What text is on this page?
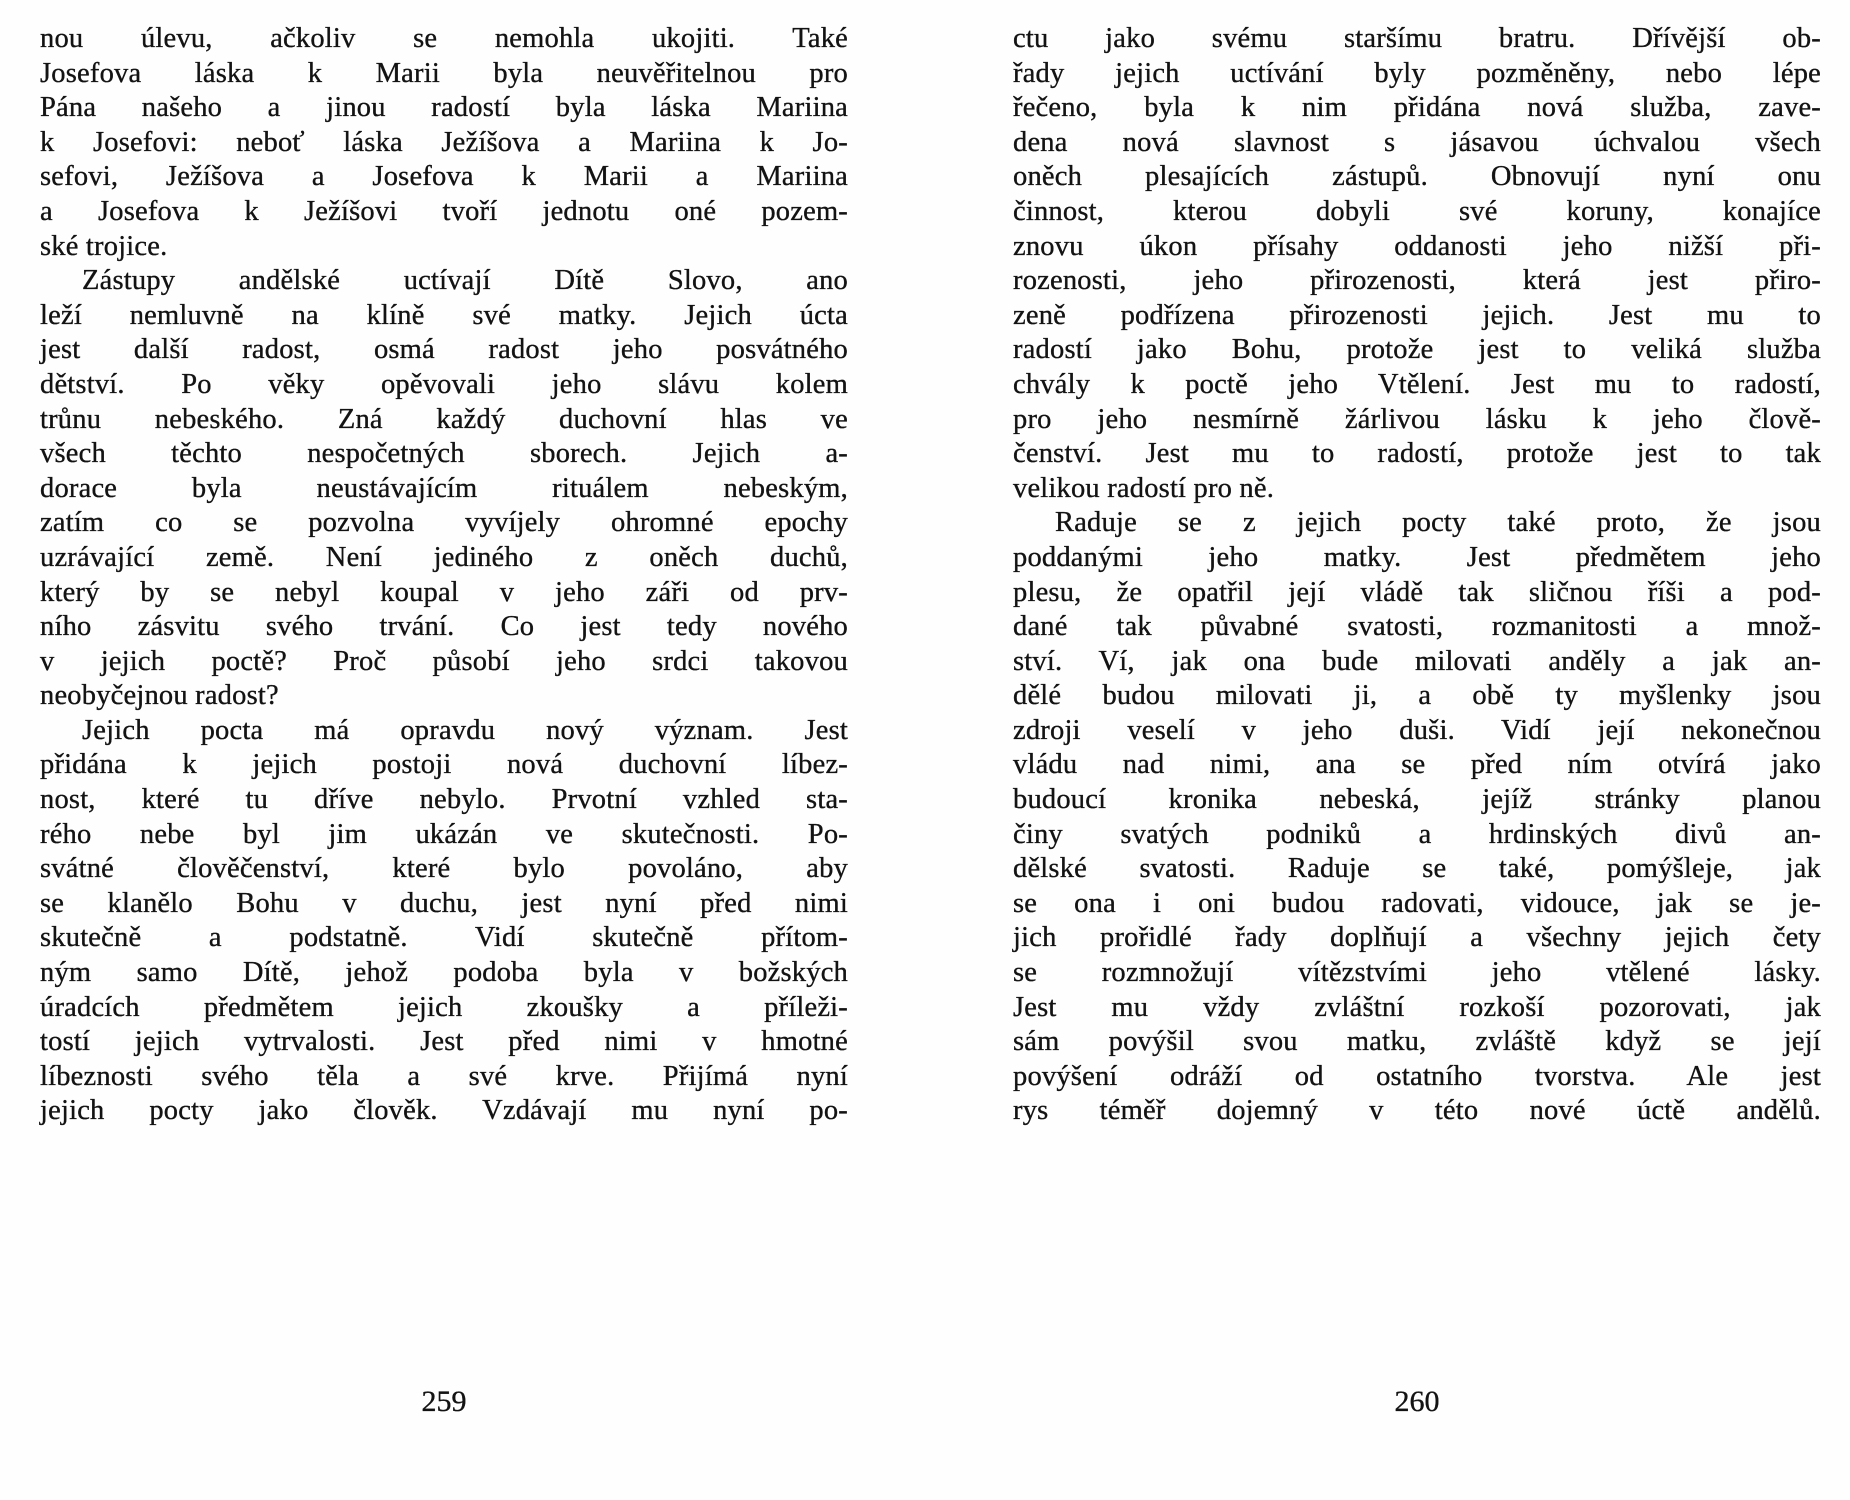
nou úlevu, ačkoliv se nemohla ukojiti. Také
Josefova láska k Marii byla neuvěřitelnou pro
Pána našeho a jinou radostí byla láska Mariina
k Josefovi: neboť láska Ježíšova a Mariina k Jo-
sefovi, Ježíšova a Josefova k Marii a Mariina
a Josefova k Ježíšovi tvoří jednotu oné pozem-
ské trojice.
Zástupy andělské uctívají Dítě Slovo, ano
leží nemluvně na klíně své matky. Jejich úcta
jest další radost, osmá radost jeho posvátného
dětství. Po věky opěvovali jeho slávu kolem
trůnu nebeského. Zná každý duchovní hlas ve
všech těchto nespočetných sborech. Jejich a-
dorace byla neustávajícím rituálem nebeským,
zatím co se pozvolna vyvíjely ohromné epochy
uzrávající země. Není jediného z oněch duchů,
který by se nebyl koupal v jeho záři od prv-
ního zásvitu svého trvání. Co jest tedy nového
v jejich poctě? Proč působí jeho srdci takovou
neobyčejnou radost?
Jejich pocta má opravdu nový význam. Jest
přidána k jejich postoji nová duchovní líbez-
nost, které tu dříve nebylo. Prvotní vzhled sta-
rého nebe byl jim ukázán ve skutečnosti. Po-
svátné člověčenství, které bylo povoláno, aby
se klanělo Bohu v duchu, jest nyní před nimi
skutečně a podstatně. Vidí skutečně přítom-
ným samo Dítě, jehož podoba byla v božských
úradcích předmětem jejich zkoušky a příleži-
tostí jejich vytrvalosti. Jest před nimi v hmotné
líbeznosti svého těla a své krve. Přijímá nyní
jejich pocty jako člověk. Vzdávají mu nyní po-
ctu jako svému staršímu bratru. Dřívější ob-
řady jejich uctívání byly pozměněny, nebo lépe
řečeno, byla k nim přidána nová služba, zave-
dena nová slavnost s jásavou úchvalou všech
oněch plesajících zástupů. Obnovují nyní onu
činnost, kterou dobyli své koruny, konajíce
znovu úkon přísahy oddanosti jeho nižší při-
rozenosti, jeho přirozenosti, která jest přiro-
zeně podřízena přirozenosti jejich. Jest mu to
radostí jako Bohu, protože jest to veliká služba
chvály k poctě jeho Vtělení. Jest mu to radostí,
pro jeho nesmírně žárlivou lásku k jeho člově-
čenství. Jest mu to radostí, protože jest to tak
velikou radostí pro ně.
Raduje se z jejich pocty také proto, že jsou
poddanými jeho matky. Jest předmětem jeho
plesu, že opatřil její vládě tak sličnou říši a pod-
dané tak půvabné svatosti, rozmanitosti a množ-
ství. Ví, jak ona bude milovati anděly a jak an-
dělé budou milovati ji, a obě ty myšlenky jsou
zdroji veselí v jeho duši. Vidí její nekonečnou
vládu nad nimi, ana se před ním otvírá jako
budoucí kronika nebeská, jejíž stránky planou
činy svatých podniků a hrdinských divů an-
dělské svatosti. Raduje se také, pomýšleje, jak
se ona i oni budou radovati, vidouce, jak se je-
jich prořidlé řady doplňují a všechny jejich čety
se rozmnožují vítězstvími jeho vtělené lásky.
Jest mu vždy zvláštní rozkoší pozorovati, jak
sám povýšil svou matku, zvláště když se její
povýšení odráží od ostatního tvorstva. Ale jest
rys téměř dojemný v této nové úctě andělů.
259	260
